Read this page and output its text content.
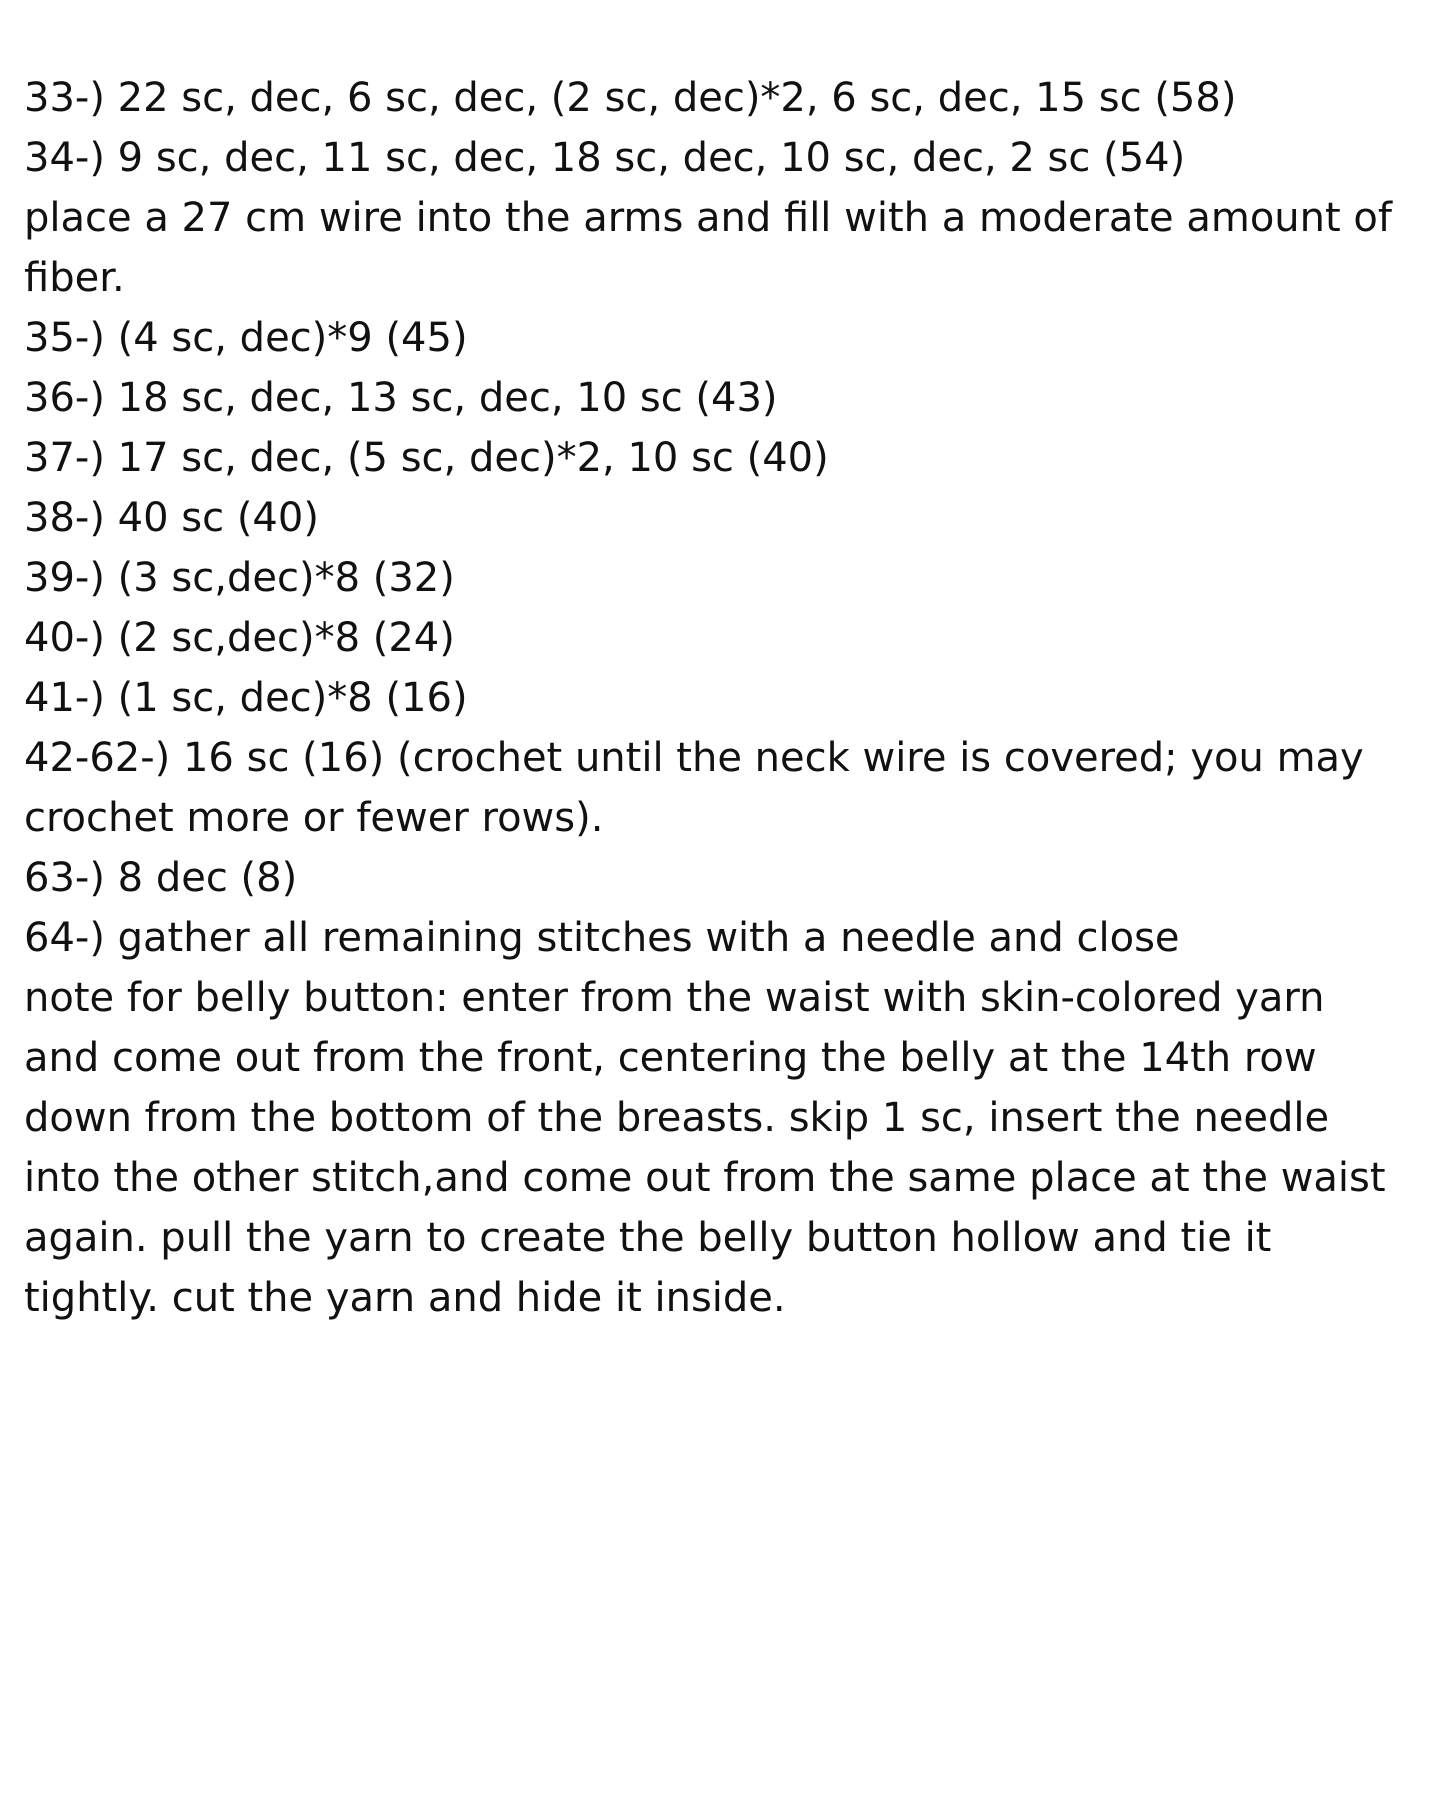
33-) 22 sc, dec, 6 sc, dec, (2 sc, dec)*2, 6 sc, dec, 15 sc (58)
34-) 9 sc, dec, 11 sc, dec, 18 sc, dec, 10 sc, dec, 2 sc (54)
place a 27 cm wire into the arms and fill with a moderate amount of
fiber.
35-) (4 sc, dec)*9 (45)
36-) 18 sc, dec, 13 sc, dec, 10 sc (43)
37-) 17 sc, dec, (5 sc, dec)*2, 10 sc (40)
38-) 40 sc (40)
39-) (3 sc,dec)*8 (32)
40-) (2 sc,dec)*8 (24)
41-) (1 sc, dec)*8 (16)
42-62-) 16 sc (16) (crochet until the neck wire is covered; you may
crochet more or fewer rows).
63-) 8 dec (8)
64-) gather all remaining stitches with a needle and close
note for belly button: enter from the waist with skin-colored yarn
and come out from the front, centering the belly at the 14th row
down from the bottom of the breasts. skip 1 sc, insert the needle
into the other stitch,and come out from the same place at the waist
again. pull the yarn to create the belly button hollow and tie it
tightly. cut the yarn and hide it inside.
